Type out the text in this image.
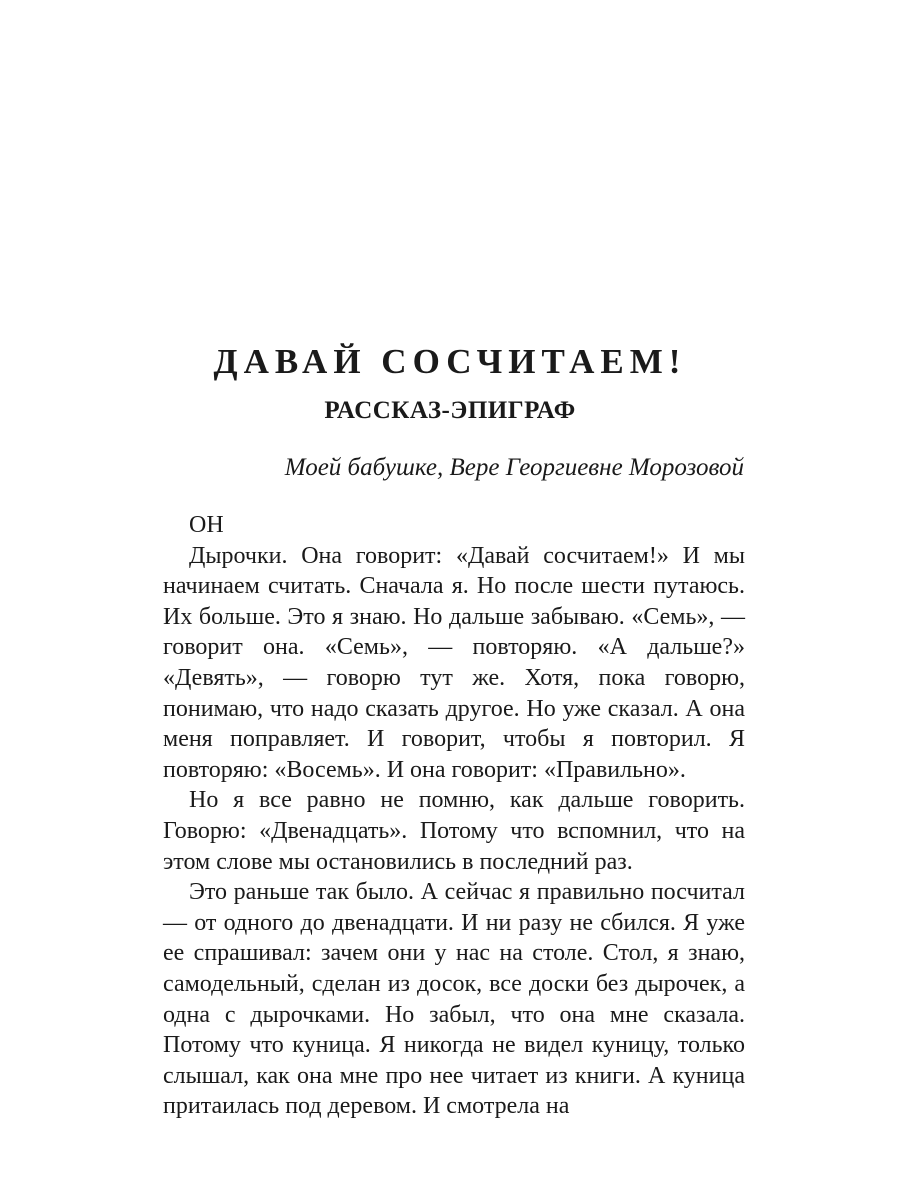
ДАВАЙ СОСЧИТАЕМ!
РАССКАЗ-ЭПИГРАФ

Моей бабушке, Вере Георгиевне Морозовой

ОН

Дырочки. Она говорит: «Давай сосчитаем!» И мы начинаем считать. Сначала я. Но после шести путаюсь. Их больше. Это я знаю. Но дальше забываю. «Семь», — говорит она. «Семь», — повторяю. «А дальше?» «Девять», — говорю тут же. Хотя, пока говорю, понимаю, что надо сказать другое. Но уже сказал. А она меня поправляет. И говорит, чтобы я повторил. Я повторяю: «Восемь». И она говорит: «Правильно».

Но я все равно не помню, как дальше говорить. Говорю: «Двенадцать». Потому что вспомнил, что на этом слове мы остановились в последний раз.

Это раньше так было. А сейчас я правильно посчитал — от одного до двенадцати. И ни разу не сбился. Я уже ее спрашивал: зачем они у нас на столе. Стол, я знаю, самодельный, сделан из досок, все доски без дырочек, а одна с дырочками. Но забыл, что она мне сказала. Потому что куница. Я никогда не видел куницу, только слышал, как она мне про нее читает из книги. А куница притаилась под деревом. И смотрела на
